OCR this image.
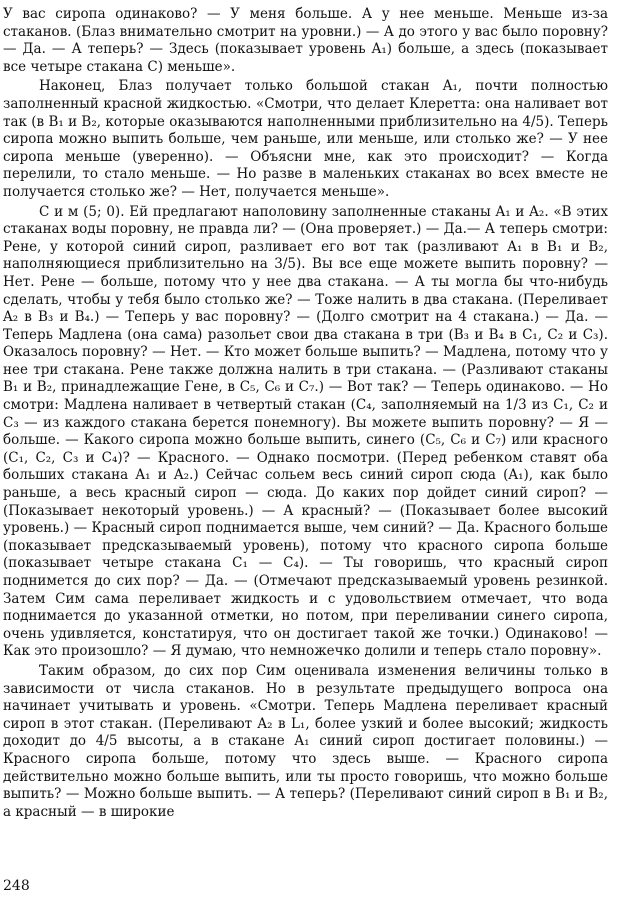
У вас сиропа одинаково? — У меня больше. А у нее меньше. Меньше из-за стаканов. (Блаз внимательно смотрит на уровни.) — А до этого у вас было поровну? — Да. — А теперь? — Здесь (показывает уровень A₁) больше, а здесь (показывает все четыре стакана C) меньше».

Наконец, Блаз получает только большой стакан A₁, почти полностью заполненный красной жидкостью. «Смотри, что делает Клеретта: она наливает вот так (в B₁ и B₂, которые оказываются наполненными приблизительно на 4/5). Теперь сиропа можно выпить больше, чем раньше, или меньше, или столько же? — У нее сиропа меньше (уверенно). — Объясни мне, как это происходит? — Когда перелили, то стало меньше. — Но разве в маленьких стаканах во всех вместе не получается столько же? — Нет, получается меньше».

С и м (5; 0). Ей предлагают наполовину заполненные стаканы A₁ и A₂. «В этих стаканах воды поровну, не правда ли? — (Она проверяет.) — Да.— А теперь смотри: Рене, у которой синий сироп, разливает его вот так (разливают A₁ в B₁ и B₂, наполняющиеся приблизительно на 3/5). Вы все еще можете выпить поровну? — Нет. Рене — больше, потому что у нее два стакана. — А ты могла бы что-нибудь сделать, чтобы у тебя было столько же? — Тоже налить в два стакана. (Переливает A₂ в B₃ и B₄.) — Теперь у вас поровну? — (Долго смотрит на 4 стакана.) — Да. — Теперь Мадлена (она сама) разольет свои два стакана в три (B₃ и B₄ в C₁, C₂ и C₃). Оказалось поровну? — Нет. — Кто может больше выпить? — Мадлена, потому что у нее три стакана. Рене также должна налить в три стакана. — (Разливают стаканы B₁ и B₂, принадлежащие Гене, в C₅, C₆ и C₇.) — Вот так? — Теперь одинаково. — Но смотри: Мадлена наливает в четвертый стакан (C₄, заполняемый на 1/3 из C₁, C₂ и C₃ — из каждого стакана берется понемногу). Вы можете выпить поровну? — Я — больше. — Какого сиропа можно больше выпить, синего (C₅, C₆ и C₇) или красного (C₁, C₂, C₃ и C₄)? — Красного. — Однако посмотри. (Перед ребенком ставят оба больших стакана A₁ и A₂.) Сейчас сольем весь синий сироп сюда (A₁), как было раньше, а весь красный сироп — сюда. До каких пор дойдет синий сироп? — (Показывает некоторый уровень.) — А красный? — (Показывает более высокий уровень.) — Красный сироп поднимается выше, чем синий? — Да. Красного больше (показывает предсказываемый уровень), потому что красного сиропа больше (показывает четыре стакана C₁ — C₄). — Ты говоришь, что красный сироп поднимется до сих пор? — Да. — (Отмечают предсказываемый уровень резинкой. Затем Сим сама переливает жидкость и с удовольствием отмечает, что вода поднимается до указанной отметки, но потом, при переливании синего сиропа, очень удивляется, констатируя, что он достигает такой же точки.) Одинаково! — Как это произошло? — Я думаю, что немножечко долили и теперь стало поровну».

Таким образом, до сих пор Сим оценивала изменения величины только в зависимости от числа стаканов. Но в результате предыдущего вопроса она начинает учитывать и уровень. «Смотри. Теперь Мадлена переливает красный сироп в этот стакан. (Переливают A₂ в L₁, более узкий и более высокий; жидкость доходит до 4/5 высоты, а в стакане A₁ синий сироп достигает половины.) — Красного сиропа больше, потому что здесь выше. — Красного сиропа действительно можно больше выпить, или ты просто говоришь, что можно больше выпить? — Можно больше выпить. — А теперь? (Переливают синий сироп в B₁ и B₂, а красный — в широкие

248
